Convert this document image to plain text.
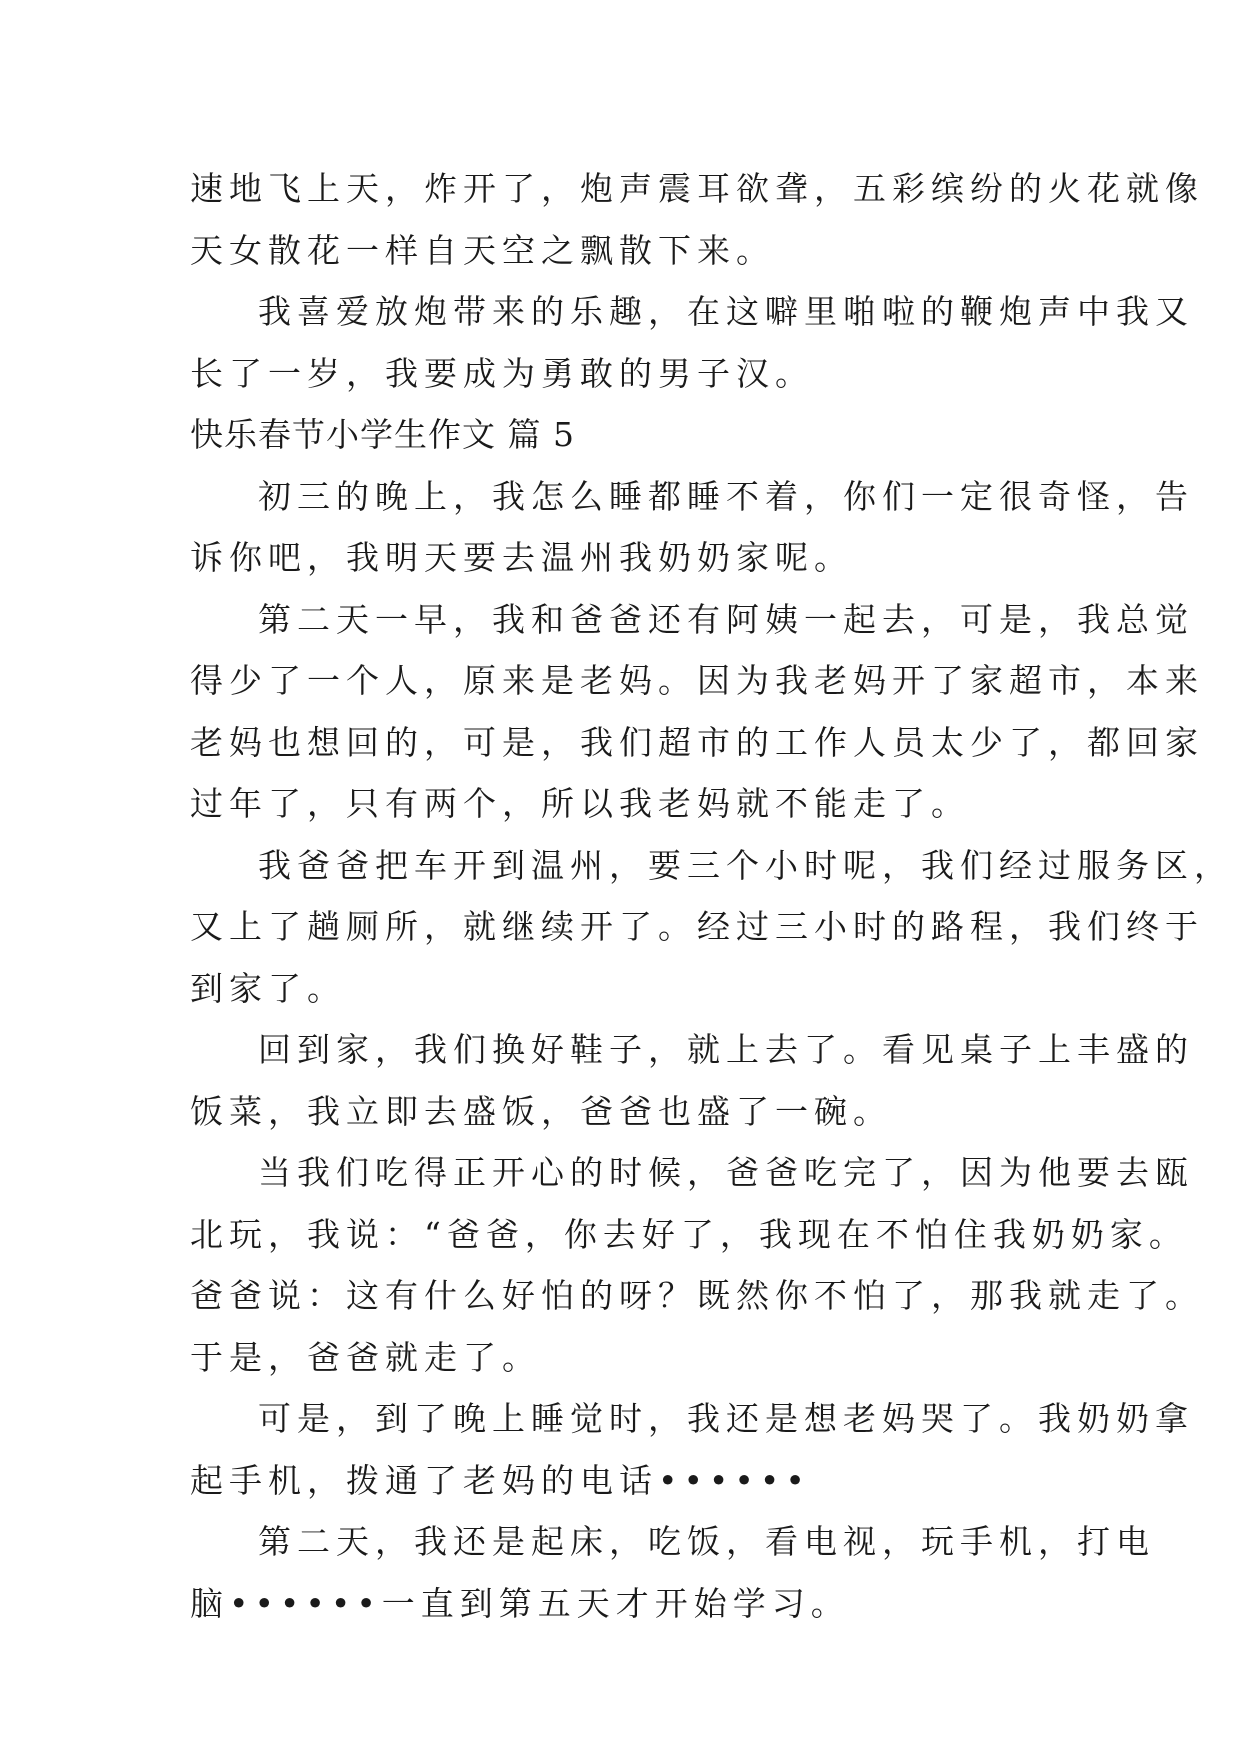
速地飞上天，炸开了，炮声震耳欲聋，五彩缤纷的火花就像
天女散花一样自天空之飘散下来。
我喜爱放炮带来的乐趣，在这噼里啪啦的鞭炮声中我又
长了一岁，我要成为勇敢的男子汉。
快乐春节小学生作文 篇 5
初三的晚上，我怎么睡都睡不着，你们一定很奇怪，告
诉你吧，我明天要去温州我奶奶家呢。
第二天一早，我和爸爸还有阿姨一起去，可是，我总觉
得少了一个人，原来是老妈。因为我老妈开了家超市，本来
老妈也想回的，可是，我们超市的工作人员太少了，都回家
过年了，只有两个，所以我老妈就不能走了。
我爸爸把车开到温州，要三个小时呢，我们经过服务区，
又上了趟厕所，就继续开了。经过三小时的路程，我们终于
到家了。
回到家，我们换好鞋子，就上去了。看见桌子上丰盛的
饭菜，我立即去盛饭，爸爸也盛了一碗。
当我们吃得正开心的时候，爸爸吃完了，因为他要去瓯
北玩，我说：“爸爸，你去好了，我现在不怕住我奶奶家。
爸爸说：这有什么好怕的呀？既然你不怕了，那我就走了。
于是，爸爸就走了。
可是，到了晚上睡觉时，我还是想老妈哭了。我奶奶拿
起手机，拨通了老妈的电话••••••
第二天，我还是起床，吃饭，看电视，玩手机，打电
脑••••••一直到第五天才开始学习。
